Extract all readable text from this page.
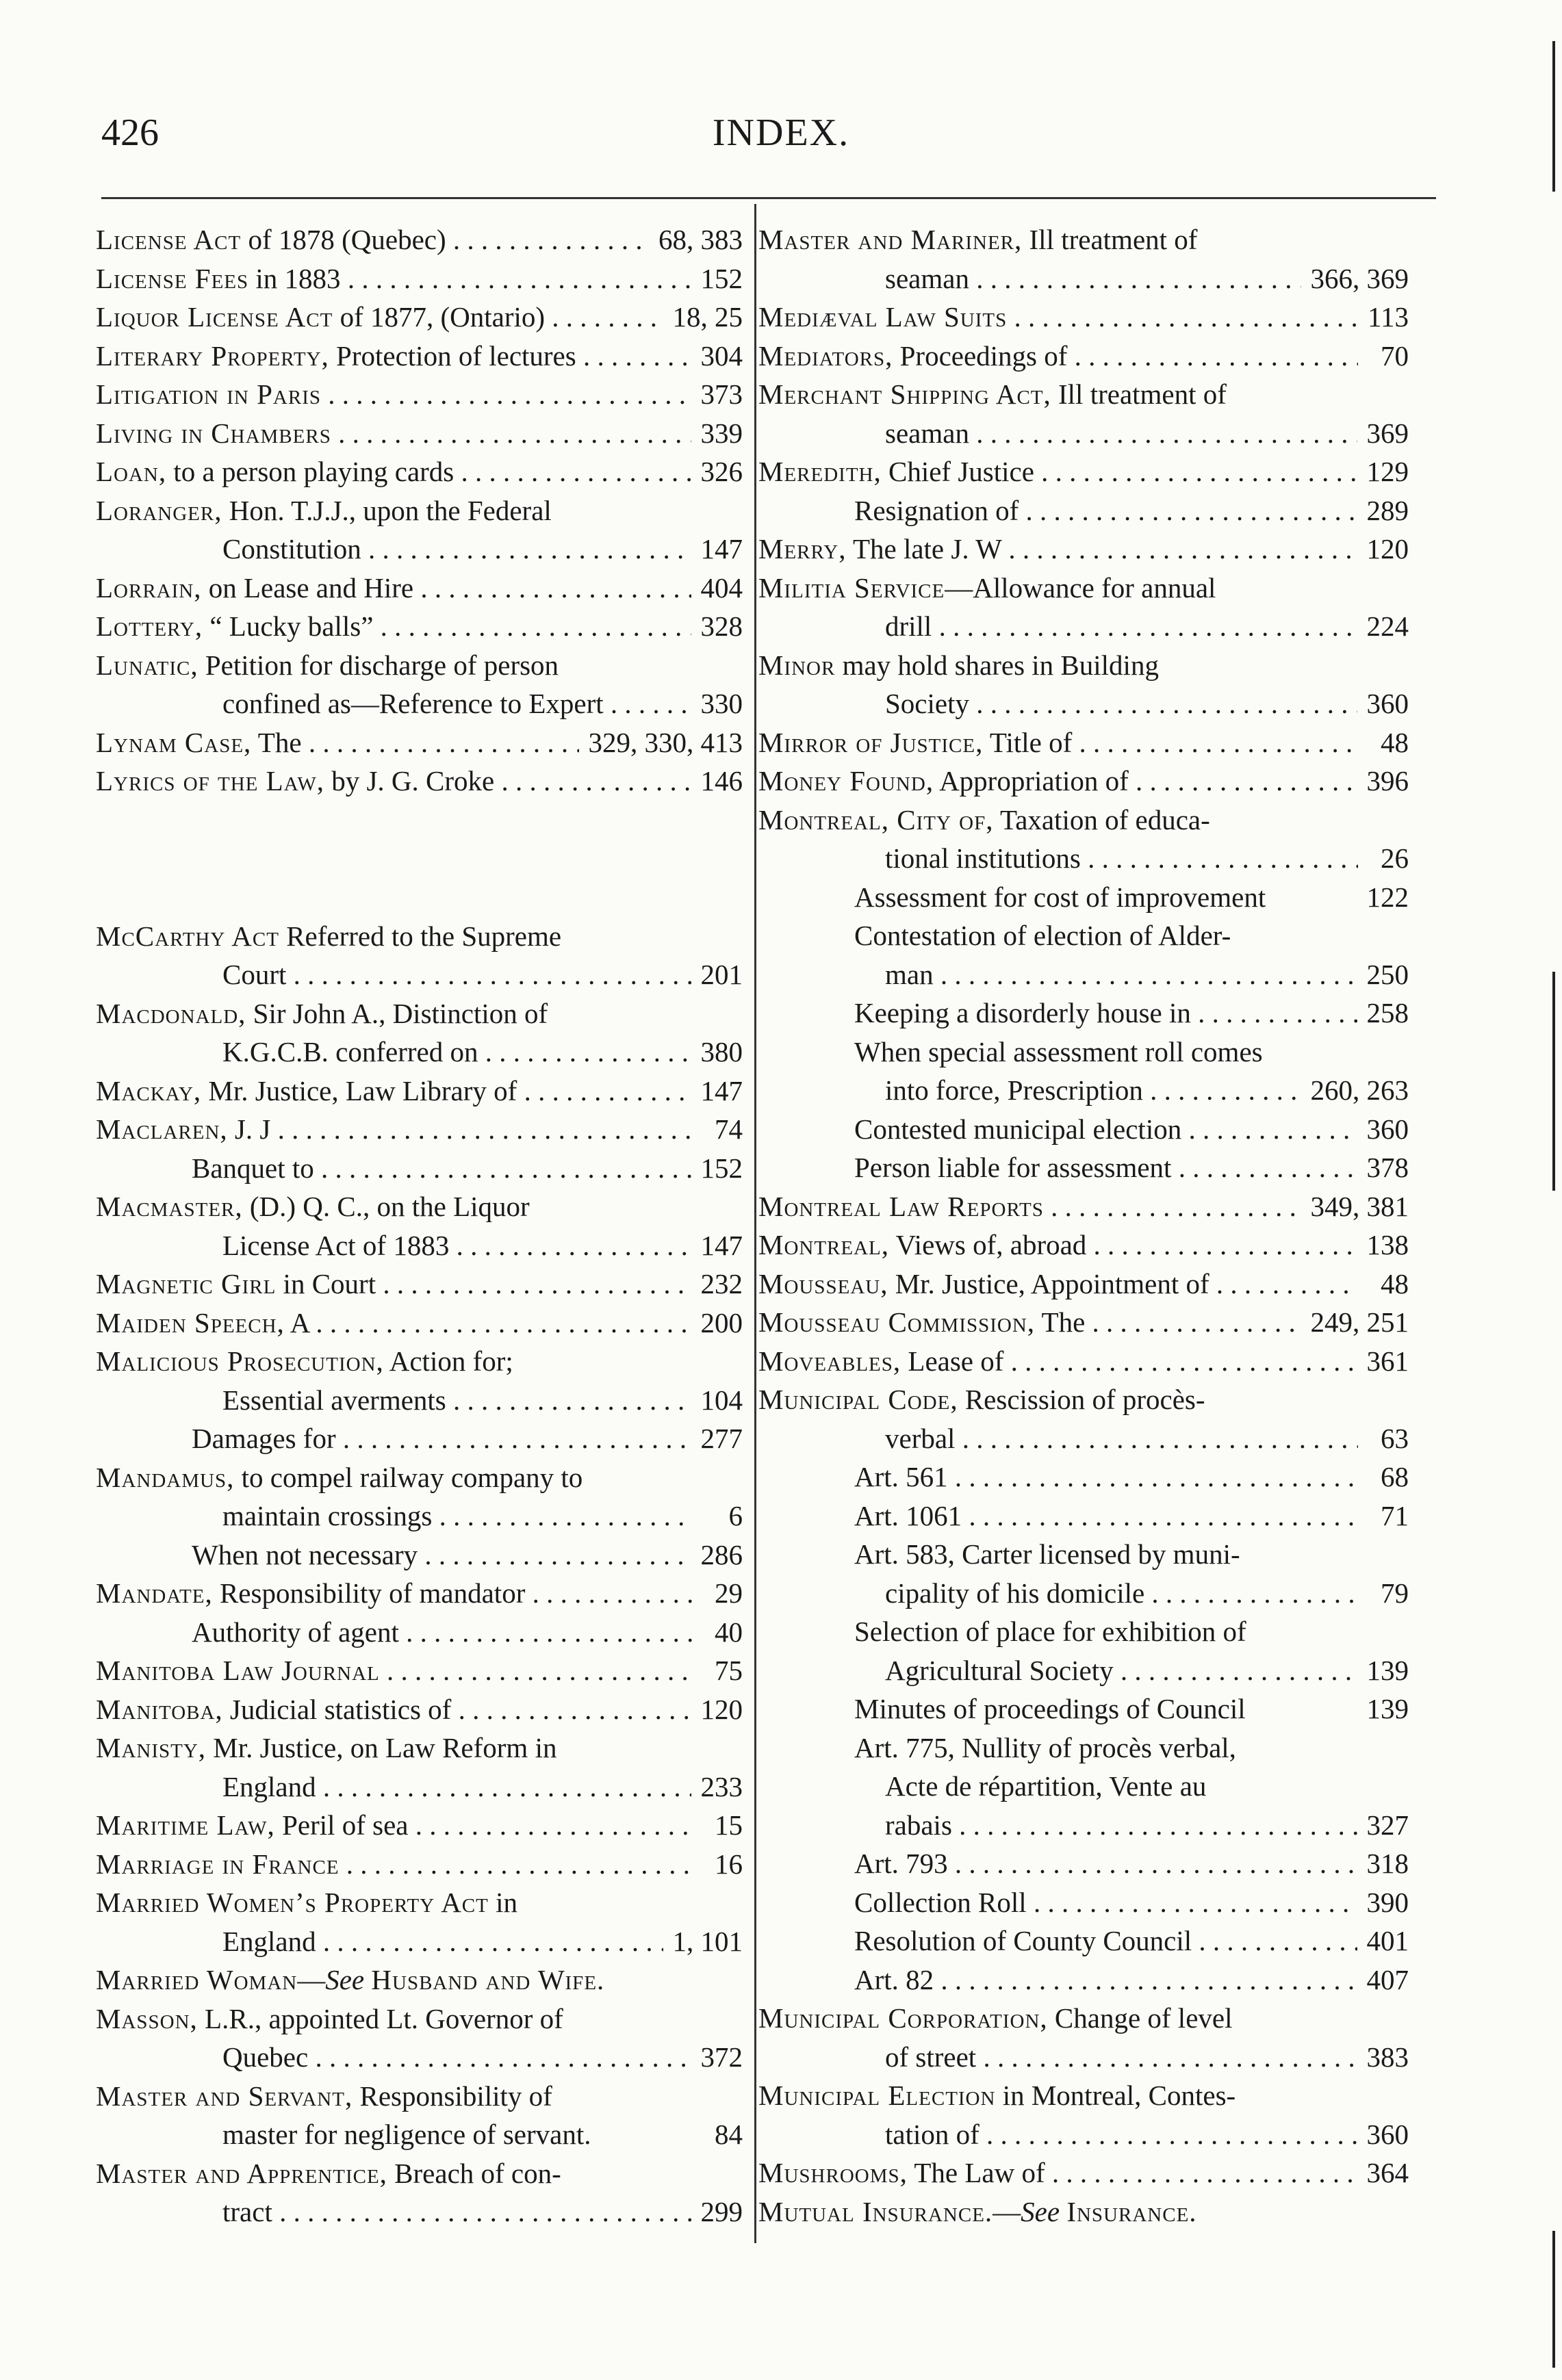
426	INDEX.
License Act of 1878 (Quebec) . . .	68, 383
License Fees in 1883 . . .	152
Liquor License Act of 1877, (Ontario) . . .	18, 25
Literary Property, Protection of lectures . . .	304
Litigation in Paris . . .	373
Living in Chambers . . .	339
Loan, to a person playing cards . . .	326
Loranger, Hon. T.J.J., upon the Federal
Constitution . . .	147
Lorrain, on Lease and Hire . . .	404
Lottery, “ Lucky balls” . . .	328
Lunatic, Petition for discharge of person
confined as—Reference to Expert . . .	330
Lynam Case, The . . .	329, 330, 413
Lyrics of the Law, by J. G. Croke . . .	146
McCarthy Act Referred to the Supreme
Court . . .	201
Macdonald, Sir John A., Distinction of
K.G.C.B. conferred on . . .	380
Mackay, Mr. Justice, Law Library of . . .	147
Maclaren, J. J . . .	74
Banquet to . . .	152
Macmaster, (D.) Q. C., on the Liquor
License Act of 1883 . . .	147
Magnetic Girl in Court . . .	232
Maiden Speech, A . . .	200
Malicious Prosecution, Action for;
Essential averments . . .	104
Damages for . . .	277
Mandamus, to compel railway company to
maintain crossings . . .	6
When not necessary . . .	286
Mandate, Responsibility of mandator . . .	29
Authority of agent . . .	40
Manitoba Law Journal . . .	75
Manitoba, Judicial statistics of . . .	120
Manisty, Mr. Justice, on Law Reform in
England . . .	233
Maritime Law, Peril of sea . . .	15
Marriage in France . . .	16
Married Women’s Property Act in
England . . .	1, 101
Married Woman—See Husband and Wife.
Masson, L.R., appointed Lt. Governor of
Quebec . . .	372
Master and Servant, Responsibility of
master for negligence of servant.	84
Master and Apprentice, Breach of con-
tract . . .	299
Master and Mariner, Ill treatment of
seaman . . .	366, 369
Mediæval Law Suits . . .	113
Mediators, Proceedings of . . .	70
Merchant Shipping Act, Ill treatment of
seaman . . .	369
Meredith, Chief Justice . . .	129
Resignation of . . .	289
Merry, The late J. W . . .	120
Militia Service—Allowance for annual
drill . . .	224
Minor may hold shares in Building
Society . . .	360
Mirror of Justice, Title of . . .	48
Money Found, Appropriation of . . .	396
Montreal, City of, Taxation of educa-
tional institutions . . .	26
Assessment for cost of improvement	122
Contestation of election of Alder-
man . . .	250
Keeping a disorderly house in . . .	258
When special assessment roll comes
into force, Prescription . . .	260, 263
Contested municipal election . . .	360
Person liable for assessment . . .	378
Montreal Law Reports . . .	349, 381
Montreal, Views of, abroad . . .	138
Mousseau, Mr. Justice, Appointment of . . .	48
Mousseau Commission, The . . .	249, 251
Moveables, Lease of . . .	361
Municipal Code, Rescission of procès-
verbal . . .	63
Art. 561 . . .	68
Art. 1061 . . .	71
Art. 583, Carter licensed by muni-
cipality of his domicile . . .	79
Selection of place for exhibition of
Agricultural Society . . .	139
Minutes of proceedings of Council	139
Art. 775, Nullity of procès verbal,
Acte de répartition, Vente au
rabais . . .	327
Art. 793 . . .	318
Collection Roll . . .	390
Resolution of County Council . . .	401
Art. 82 . . .	407
Municipal Corporation, Change of level
of street . . .	383
Municipal Election in Montreal, Contes-
tation of . . .	360
Mushrooms, The Law of . . .	364
Mutual Insurance.—See Insurance.
